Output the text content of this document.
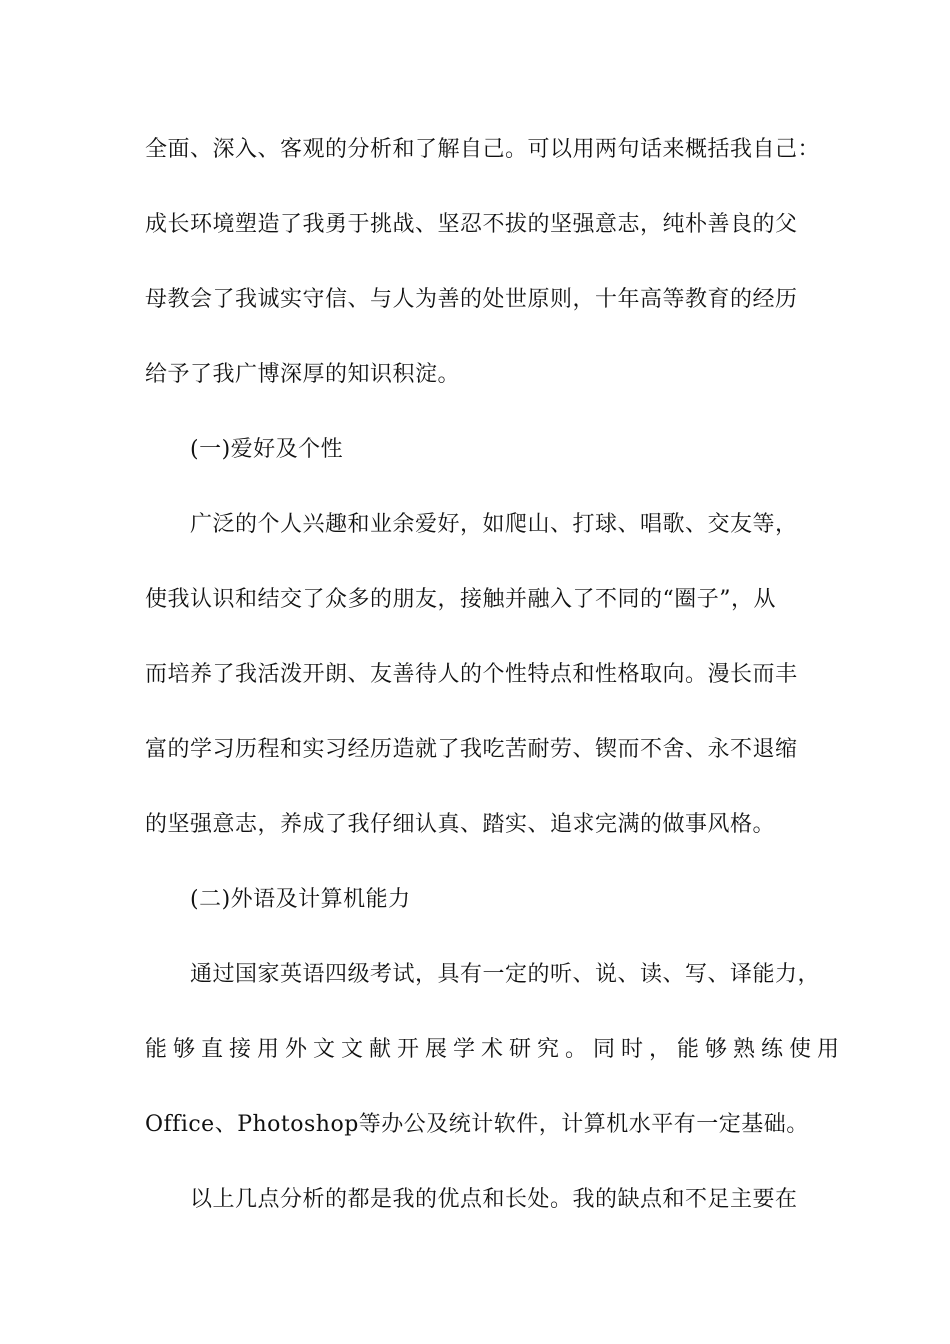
全面、深入、客观的分析和了解自己。可以用两句话来概括我自己：
成长环境塑造了我勇于挑战、坚忍不拔的坚强意志，纯朴善良的父
母教会了我诚实守信、与人为善的处世原则，十年高等教育的经历
给予了我广博深厚的知识积淀。
(一)爱好及个性
广泛的个人兴趣和业余爱好，如爬山、打球、唱歌、交友等，
使我认识和结交了众多的朋友，接触并融入了不同的“圈子”，从
而培养了我活泼开朗、友善待人的个性特点和性格取向。漫长而丰
富的学习历程和实习经历造就了我吃苦耐劳、锲而不舍、永不退缩
的坚强意志，养成了我仔细认真、踏实、追求完满的做事风格。
(二)外语及计算机能力
通过国家英语四级考试，具有一定的听、说、读、写、译能力，
能够直接用外文文献开展学术研究。同时，能够熟练使用
Office、Photoshop等办公及统计软件，计算机水平有一定基础。
以上几点分析的都是我的优点和长处。我的缺点和不足主要在
